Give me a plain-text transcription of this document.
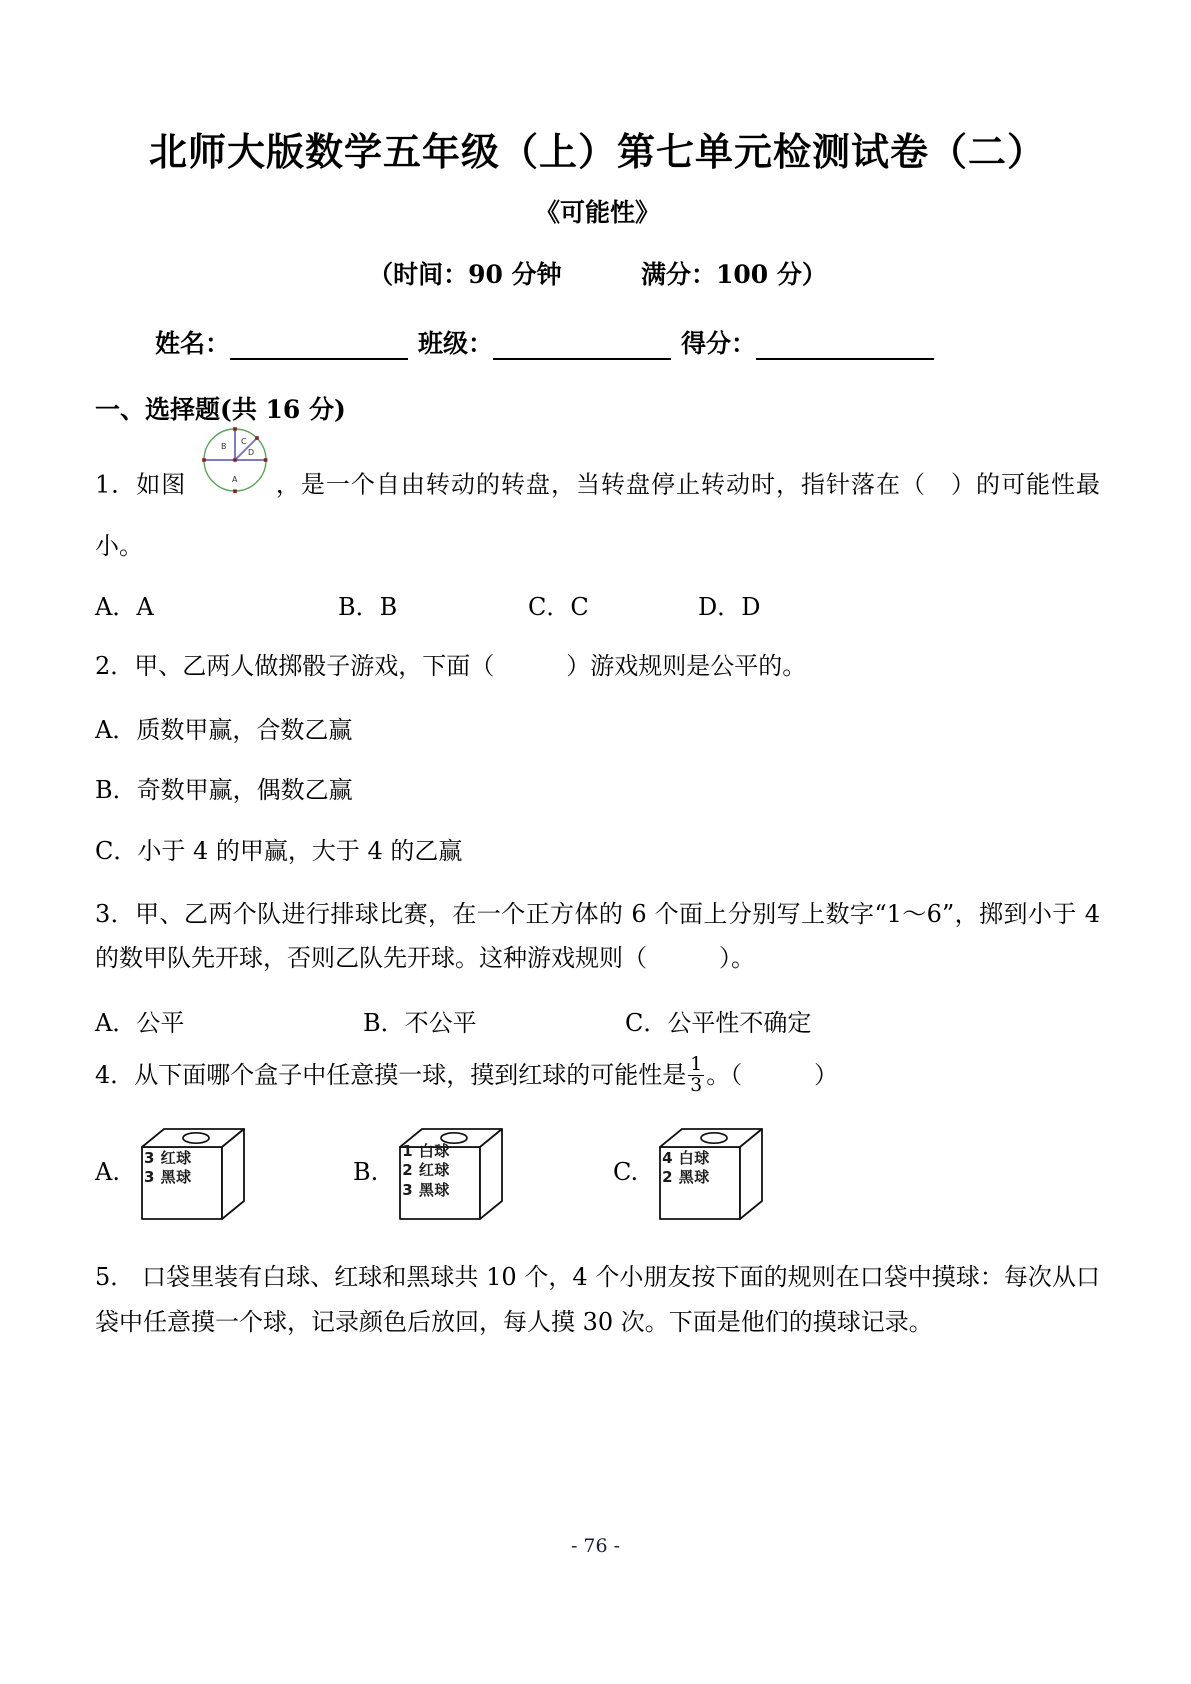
北师大版数学五年级（上）第七单元检测试卷（二）
《可能性》
（时间：90 分钟	满分：100 分）
姓名：	班级：	得分：
一、选择题(共 16 分)
1．如图
B
C
D
A ，是一个自由转动的转盘，当转盘停止转动时，指针落在（　）的可能性最小。
A．A	B．B	C．C	D．D
2．甲、乙两人做掷骰子游戏，下面（　　　）游戏规则是公平的。
A．质数甲赢，合数乙赢
B．奇数甲赢，偶数乙赢
C．小于 4 的甲赢，大于 4 的乙赢
3．甲、乙两个队进行排球比赛，在一个正方体的 6 个面上分别写上数字“1～6”，掷到小于 4 的数甲队先开球，否则乙队先开球。这种游戏规则（　　　）。
A．公平	B．不公平	C．公平性不确定
4．从下面哪个盒子中任意摸一球，摸到红球的可能性是 $\frac{1}{3}$ 。（　　　）
A. 3 红球
3 黑球	B.
1 白球
2 红球
3 黑球
C. 4 白球
2 黑球
5． 口袋里装有白球、红球和黑球共 10 个，4 个小朋友按下面的规则在口袋中摸球：每次从口袋中任意摸一个球，记录颜色后放回，每人摸 30 次。下面是他们的摸球记录。
- 76 -
